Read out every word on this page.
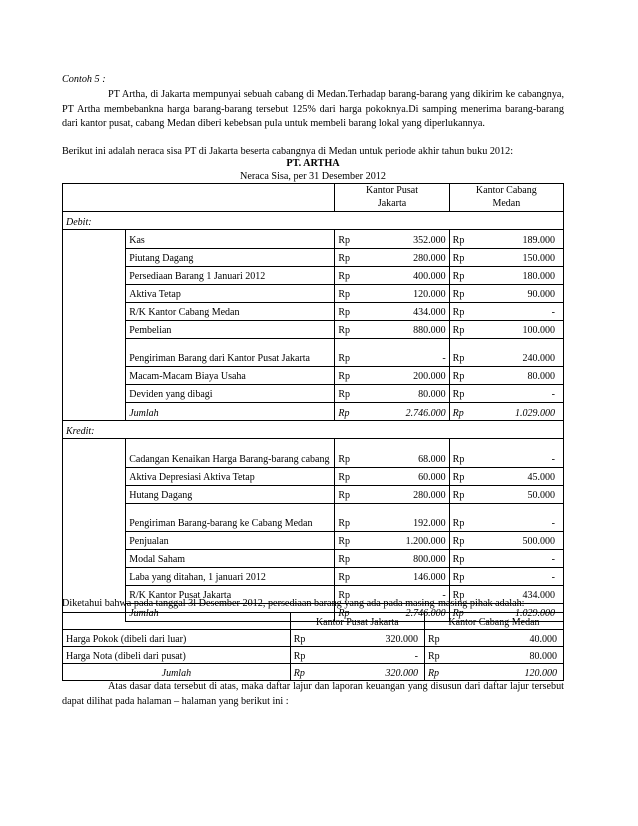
Contoh 5 :
PT Artha, di Jakarta mempunyai sebuah cabang di Medan.Terhadap barang-barang yang dikirim ke cabangnya, PT Artha membebankna harga barang-barang tersebut 125% dari harga pokoknya.Di samping menerima barang-barang dari kantor pusat, cabang Medan diberi kebebsan pula untuk membeli barang lokal yang diperlukannya.
Berikut ini adalah neraca sisa PT di Jakarta beserta cabangnya di Medan untuk periode akhir tahun buku 2012:
PT. ARTHA
Neraca Sisa, per 31 Desember 2012
		Kantor Pusat Jakarta		Kantor Cabang Medan	
Debit:					
	Kas	Rp	352.000	Rp	189.000
	Piutang Dagang	Rp	280.000	Rp	150.000
	Persediaan Barang 1 Januari 2012	Rp	400.000	Rp	180.000
	Aktiva Tetap	Rp	120.000	Rp	90.000
	R/K Kantor Cabang Medan	Rp	434.000	Rp	-
	Pembelian	Rp	880.000	Rp	100.000
	Pengiriman Barang dari Kantor Pusat Jakarta	Rp	-	Rp	240.000
	Macam-Macam Biaya Usaha	Rp	200.000	Rp	80.000
	Deviden yang dibagi	Rp	80.000	Rp	-
	Jumlah	Rp	2.746.000	Rp	1.029.000
Kredit:					
	Cadangan Kenaikan Harga Barang-barang cabang	Rp	68.000	Rp	-
	Aktiva Depresiasi Aktiva Tetap	Rp	60.000	Rp	45.000
	Hutang Dagang	Rp	280.000	Rp	50.000
	Pengiriman Barang-barang ke Cabang Medan	Rp	192.000	Rp	-
	Penjualan	Rp	1.200.000	Rp	500.000
	Modal Saham	Rp	800.000	Rp	-
	Laba yang ditahan, 1 januari 2012	Rp	146.000	Rp	-
	R/K Kantor Pusat Jakarta	Rp	-	Rp	434.000
	Jumlah	Rp	2.746.000	Rp	1.029.000
Diketahui bahwa pada tanggal 3l Desember 2012, persediaan barang yang ada pada masing-masing pihak adalah:
	Kantor Pusat Jakarta		Kantor Cabang Medan	
Harga Pokok (dibeli dari luar)	Rp	320.000	Rp	40.000
Harga Nota (dibeli dari pusat)	Rp	-	Rp	80.000
Jumlah	Rp	320.000	Rp	120.000
Atas dasar data tersebut di atas, maka daftar lajur dan laporan keuangan yang disusun dari daftar lajur tersebut dapat dilihat pada halaman – halaman yang berikut ini :
